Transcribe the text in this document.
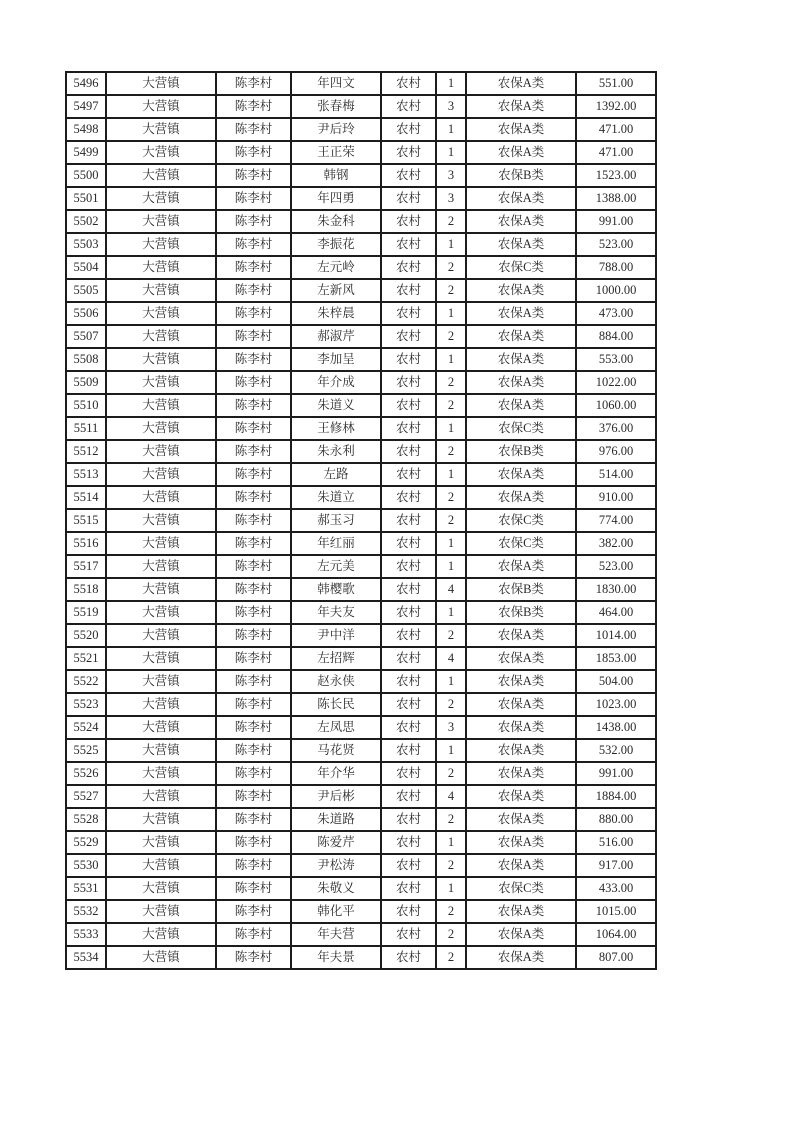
5496	大营镇	陈李村	年四文	农村	1	农保A类	551.00
5497	大营镇	陈李村	张春梅	农村	3	农保A类	1392.00
5498	大营镇	陈李村	尹后玲	农村	1	农保A类	471.00
5499	大营镇	陈李村	王正荣	农村	1	农保A类	471.00
5500	大营镇	陈李村	韩钢	农村	3	农保B类	1523.00
5501	大营镇	陈李村	年四勇	农村	3	农保A类	1388.00
5502	大营镇	陈李村	朱金科	农村	2	农保A类	991.00
5503	大营镇	陈李村	李振花	农村	1	农保A类	523.00
5504	大营镇	陈李村	左元岭	农村	2	农保C类	788.00
5505	大营镇	陈李村	左新风	农村	2	农保A类	1000.00
5506	大营镇	陈李村	朱梓晨	农村	1	农保A类	473.00
5507	大营镇	陈李村	郝淑芹	农村	2	农保A类	884.00
5508	大营镇	陈李村	李加呈	农村	1	农保A类	553.00
5509	大营镇	陈李村	年介成	农村	2	农保A类	1022.00
5510	大营镇	陈李村	朱道义	农村	2	农保A类	1060.00
5511	大营镇	陈李村	王修林	农村	1	农保C类	376.00
5512	大营镇	陈李村	朱永利	农村	2	农保B类	976.00
5513	大营镇	陈李村	左路	农村	1	农保A类	514.00
5514	大营镇	陈李村	朱道立	农村	2	农保A类	910.00
5515	大营镇	陈李村	郝玉习	农村	2	农保C类	774.00
5516	大营镇	陈李村	年红丽	农村	1	农保C类	382.00
5517	大营镇	陈李村	左元美	农村	1	农保A类	523.00
5518	大营镇	陈李村	韩樱歌	农村	4	农保B类	1830.00
5519	大营镇	陈李村	年夫友	农村	1	农保B类	464.00
5520	大营镇	陈李村	尹中洋	农村	2	农保A类	1014.00
5521	大营镇	陈李村	左招辉	农村	4	农保A类	1853.00
5522	大营镇	陈李村	赵永侠	农村	1	农保A类	504.00
5523	大营镇	陈李村	陈长民	农村	2	农保A类	1023.00
5524	大营镇	陈李村	左凤思	农村	3	农保A类	1438.00
5525	大营镇	陈李村	马花贤	农村	1	农保A类	532.00
5526	大营镇	陈李村	年介华	农村	2	农保A类	991.00
5527	大营镇	陈李村	尹后彬	农村	4	农保A类	1884.00
5528	大营镇	陈李村	朱道路	农村	2	农保A类	880.00
5529	大营镇	陈李村	陈爱芹	农村	1	农保A类	516.00
5530	大营镇	陈李村	尹松涛	农村	2	农保A类	917.00
5531	大营镇	陈李村	朱敬义	农村	1	农保C类	433.00
5532	大营镇	陈李村	韩化平	农村	2	农保A类	1015.00
5533	大营镇	陈李村	年夫营	农村	2	农保A类	1064.00
5534	大营镇	陈李村	年夫景	农村	2	农保A类	807.00
